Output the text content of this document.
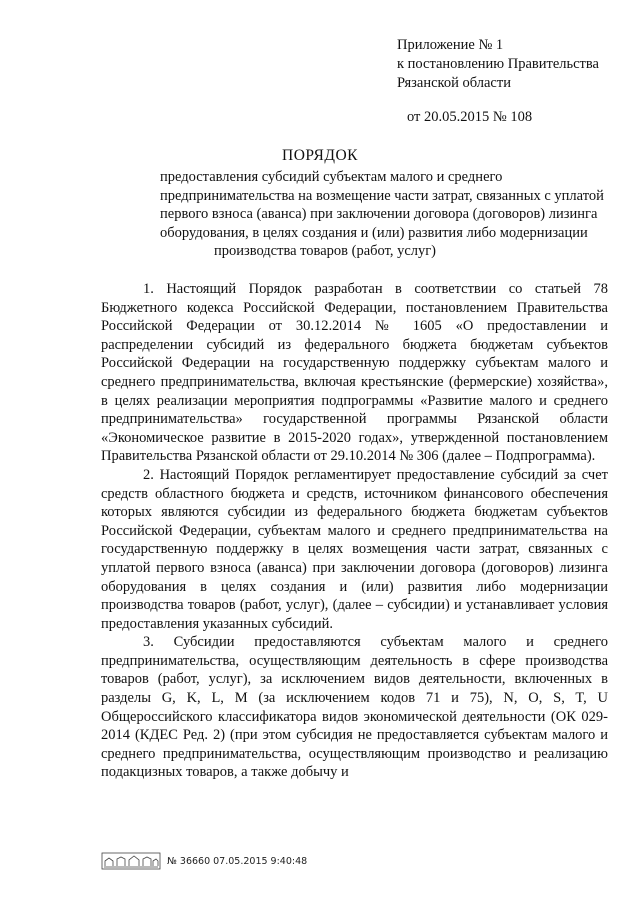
Приложение № 1
к постановлению Правительства
Рязанской области
от 20.05.2015 № 108
ПОРЯДОК
предоставления субсидий субъектам малого и среднего
предпринимательства на возмещение части затрат, связанных с уплатой
первого взноса (аванса) при заключении договора (договоров) лизинга
оборудования, в целях создания и (или) развития либо модернизации
производства товаров (работ, услуг)

1. Настоящий Порядок разработан в соответствии со статьей 78 Бюджетного кодекса Российской Федерации, постановлением Правительства Российской Федерации от 30.12.2014 № 1605 «О предоставлении и распределении субсидий из федерального бюджета бюджетам субъектов Российской Федерации на государственную поддержку субъектам малого и среднего предпринимательства, включая крестьянские (фермерские) хозяйства», в целях реализации мероприятия подпрограммы «Развитие малого и среднего предпринимательства» государственной программы Рязанской области «Экономическое развитие в 2015-2020 годах», утвержденной постановлением Правительства Рязанской области от 29.10.2014 № 306 (далее – Подпрограмма).

2. Настоящий Порядок регламентирует предоставление субсидий за счет средств областного бюджета и средств, источником финансового обеспечения которых являются субсидии из федерального бюджета бюджетам субъектов Российской Федерации, субъектам малого и среднего предпринимательства на государственную поддержку в целях возмещения части затрат, связанных с уплатой первого взноса (аванса) при заключении договора (договоров) лизинга оборудования в целях создания и (или) развития либо модернизации производства товаров (работ, услуг), (далее – субсидии) и устанавливает условия предоставления указанных субсидий.

3. Субсидии предоставляются субъектам малого и среднего предпринимательства, осуществляющим деятельность в сфере производства товаров (работ, услуг), за исключением видов деятельности, включенных в разделы G, K, L, M (за исключением кодов 71 и 75), N, O, S, T, U Общероссийского классификатора видов экономической деятельности (ОК 029-2014 (КДЕС Ред. 2) (при этом субсидия не предоставляется субъектам малого и среднего предпринимательства, осуществляющим производство и реализацию подакцизных товаров, а также добычу и

№ 36660 07.05.2015 9:40:48
